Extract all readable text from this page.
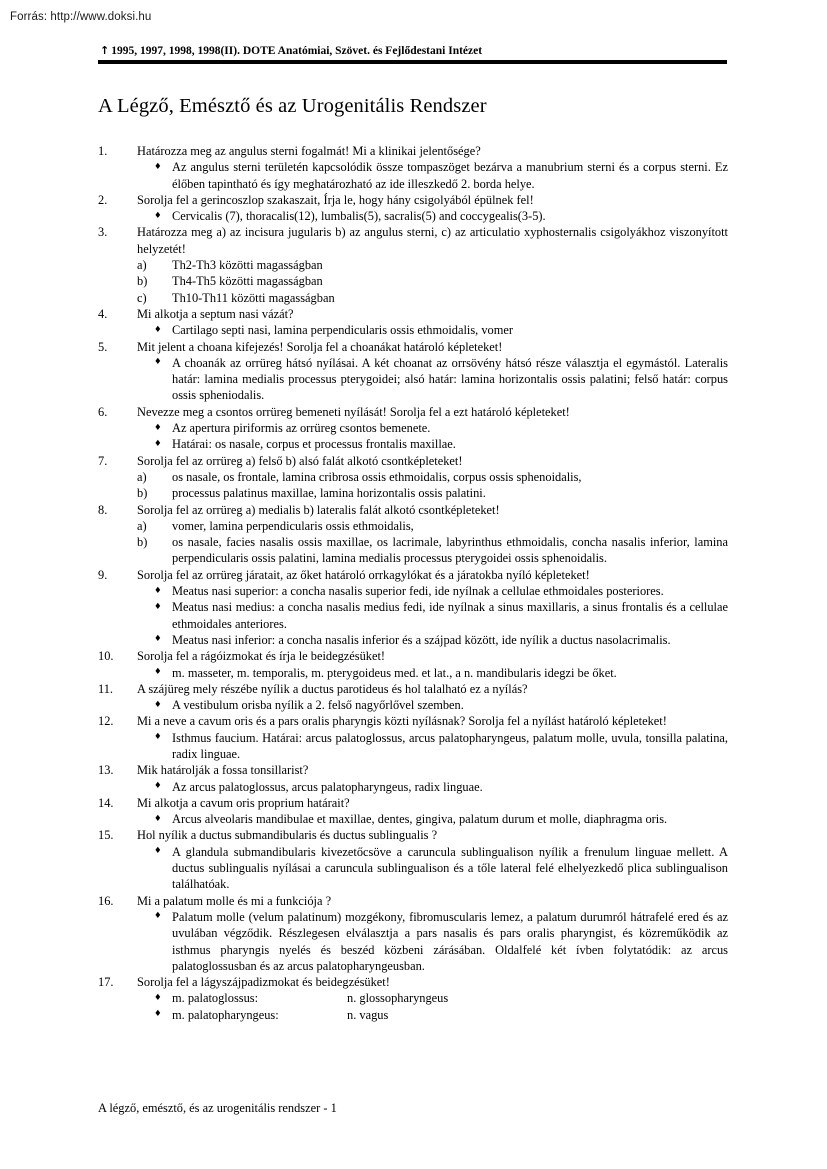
Forrás: http://www.doksi.hu
↑ 1995, 1997, 1998, 1998(II). DOTE Anatómiai, Szövet. és Fejlődestani Intézet
A Légző, Emésztő és az Urogenitális Rendszer
1.	Határozza meg az angulus sterni fogalmát! Mi a klinikai jelentősége?
♦ Az angulus sterni területén kapcsolódik össze tompaszöget bezárva a manubrium sterni és a corpus sterni. Ez élőben tapintható és így meghatározható az ide illeszkedő 2. borda helye.
2.	Sorolja fel a gerincoszlop szakaszait, Írja le, hogy hány csigolyából épülnek fel!
♦ Cervicalis (7), thoracalis(12), lumbalis(5), sacralis(5) and coccygealis(3-5).
3.	Határozza meg a) az incisura jugularis b) az angulus sterni, c) az articulatio xyphosternalis csigolyákhoz viszonyított helyzetét!
a) Th2-Th3 közötti magasságban
b) Th4-Th5 közötti magasságban
c) Th10-Th11 közötti magasságban
4.	Mi alkotja a septum nasi vázát?
♦ Cartilago septi nasi, lamina perpendicularis ossis ethmoidalis, vomer
5.	Mit jelent a choana kifejezés! Sorolja fel a choanákat határoló képleteket!
♦ A choanák az orrüreg hátsó nyílásai. A két choanat az orrsövény hátsó része választja el egymástól. Lateralis határ: lamina medialis processus pterygoidei; alsó határ: lamina horizontalis ossis palatini; felső határ: corpus ossis spheniodalis.
6.	Nevezze meg a csontos orrüreg bemeneti nyílását! Sorolja fel a ezt határoló képleteket!
♦ Az apertura piriformis az orrüreg csontos bemenete.
♦ Határai: os nasale, corpus et processus frontalis maxillae.
7.	Sorolja fel az orrüreg a) felső b) alsó falát alkotó csontképleteket!
a) os nasale, os frontale, lamina cribrosa ossis ethmoidalis, corpus ossis sphenoidalis,
b) processus palatinus maxillae, lamina horizontalis ossis palatini.
8.	Sorolja fel az orrüreg a) medialis b) lateralis falát alkotó csontképleteket!
a) vomer, lamina perpendicularis ossis ethmoidalis,
b) os nasale, facies nasalis ossis maxillae, os lacrimale, labyrinthus ethmoidalis, concha nasalis inferior, lamina perpendicularis ossis palatini, lamina medialis processus pterygoidei ossis sphenoidalis.
9.	Sorolja fel az orrüreg járatait, az őket határoló orrkagylókat és a járatokba nyíló képleteket!
♦ Meatus nasi superior: a concha nasalis superior fedi, ide nyílnak a cellulae ethmoidales posteriores.
♦ Meatus nasi medius: a concha nasalis medius fedi, ide nyílnak a sinus maxillaris, a sinus frontalis és a cellulae ethmoidales anteriores.
♦ Meatus nasi inferior: a concha nasalis inferior és a szájpad között, ide nyílik a ductus nasolacrimalis.
10.	Sorolja fel a rágóizmokat és írja le beidegzésüket!
♦ m. masseter, m. temporalis, m. pterygoideus med. et lat., a n. mandibularis idegzi be őket.
11.	A szájüreg mely részébe nyílik a ductus parotideus és hol talalható ez a nyílás?
♦ A vestibulum orisba nyílik a 2. felső nagyőrlővel szemben.
12.	Mi a neve a cavum oris és a pars oralis pharyngis közti nyílásnak? Sorolja fel a nyílást határoló képleteket!
♦ Isthmus faucium. Határai: arcus palatoglossus, arcus palatopharyngeus, palatum molle, uvula, tonsilla palatina, radix linguae.
13.	Mik határolják a fossa tonsillarist?
♦ Az arcus palatoglossus, arcus palatopharyngeus, radix linguae.
14.	Mi alkotja a cavum oris proprium határait?
♦ Arcus alveolaris mandibulae et maxillae, dentes, gingiva, palatum durum et molle, diaphragma oris.
15.	Hol nyílik a ductus submandibularis és ductus sublingualis ?
♦ A glandula submandibularis kivezetőcsöve a caruncula sublingualison nyílik a frenulum linguae mellett. A ductus sublingualis nyílásai a caruncula sublingualison és a tőle lateral felé elhelyezkedő plica sublingualison találhatóak.
16.	Mi a palatum molle és mi a funkciója ?
♦ Palatum molle (velum palatinum) mozgékony, fibromuscularis lemez, a palatum durumról hátrafelé ered és az uvulában végződik. Részlegesen elválasztja a pars nasalis és pars oralis pharyngist, és közreműködik az isthmus pharyngis nyelés és beszéd közbeni zárásában. Oldalfelé két ívben folytatódik: az arcus palatoglossusban és az arcus palatopharyngeusban.
17.	Sorolja fel a lágyszájpadizmokat és beidegzésüket!
♦ m. palatoglossus:	n. glossopharyngeus
♦ m. palatopharyngeus:	n. vagus
A légző, emésztő, és az urogenitális rendszer - 1
